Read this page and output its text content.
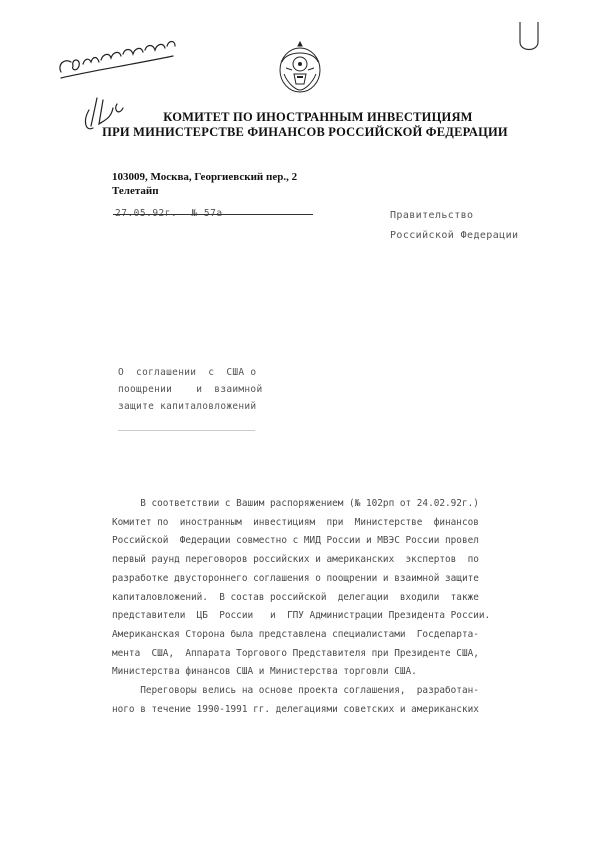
КОМИТЕТ ПО ИНОСТРАННЫМ ИНВЕСТИЦИЯМ
ПРИ МИНИСТЕРСТВЕ ФИНАНСОВ РОССИЙСКОЙ ФЕДЕРАЦИИ
103009, Москва, Георгиевский пер., 2
Телетайп
Правительство
Российской Федерации
О  соглашении  с  США о
поощрении    и  взаимной
защите капиталовложений
________________________

В соответствии с Вашим распоряжением (№ 102рп от 24.02.92г.)

Комитет по  иностранным  инвестициям  при  Министерстве  финансов

Российской  Федерации совместно с МИД России и МВЭС России провел

первый раунд переговоров российских и американских  экспертов  по

разработке двустороннего соглашения о поощрении и взаимной защите

капиталовложений.  В состав российской  делегации  входили  также

представители  ЦБ  России   и  ГПУ Администрации Президента России.

Американская Сторона была представлена специалистами  Госдепарта-

мента  США,  Аппарата Торгового Представителя при Президенте США,

Министерства финансов США и Министерства торговли США.

Переговоры велись на основе проекта соглашения,  разработан-

ного в течение 1990-1991 гг. делегациями советских и американских
